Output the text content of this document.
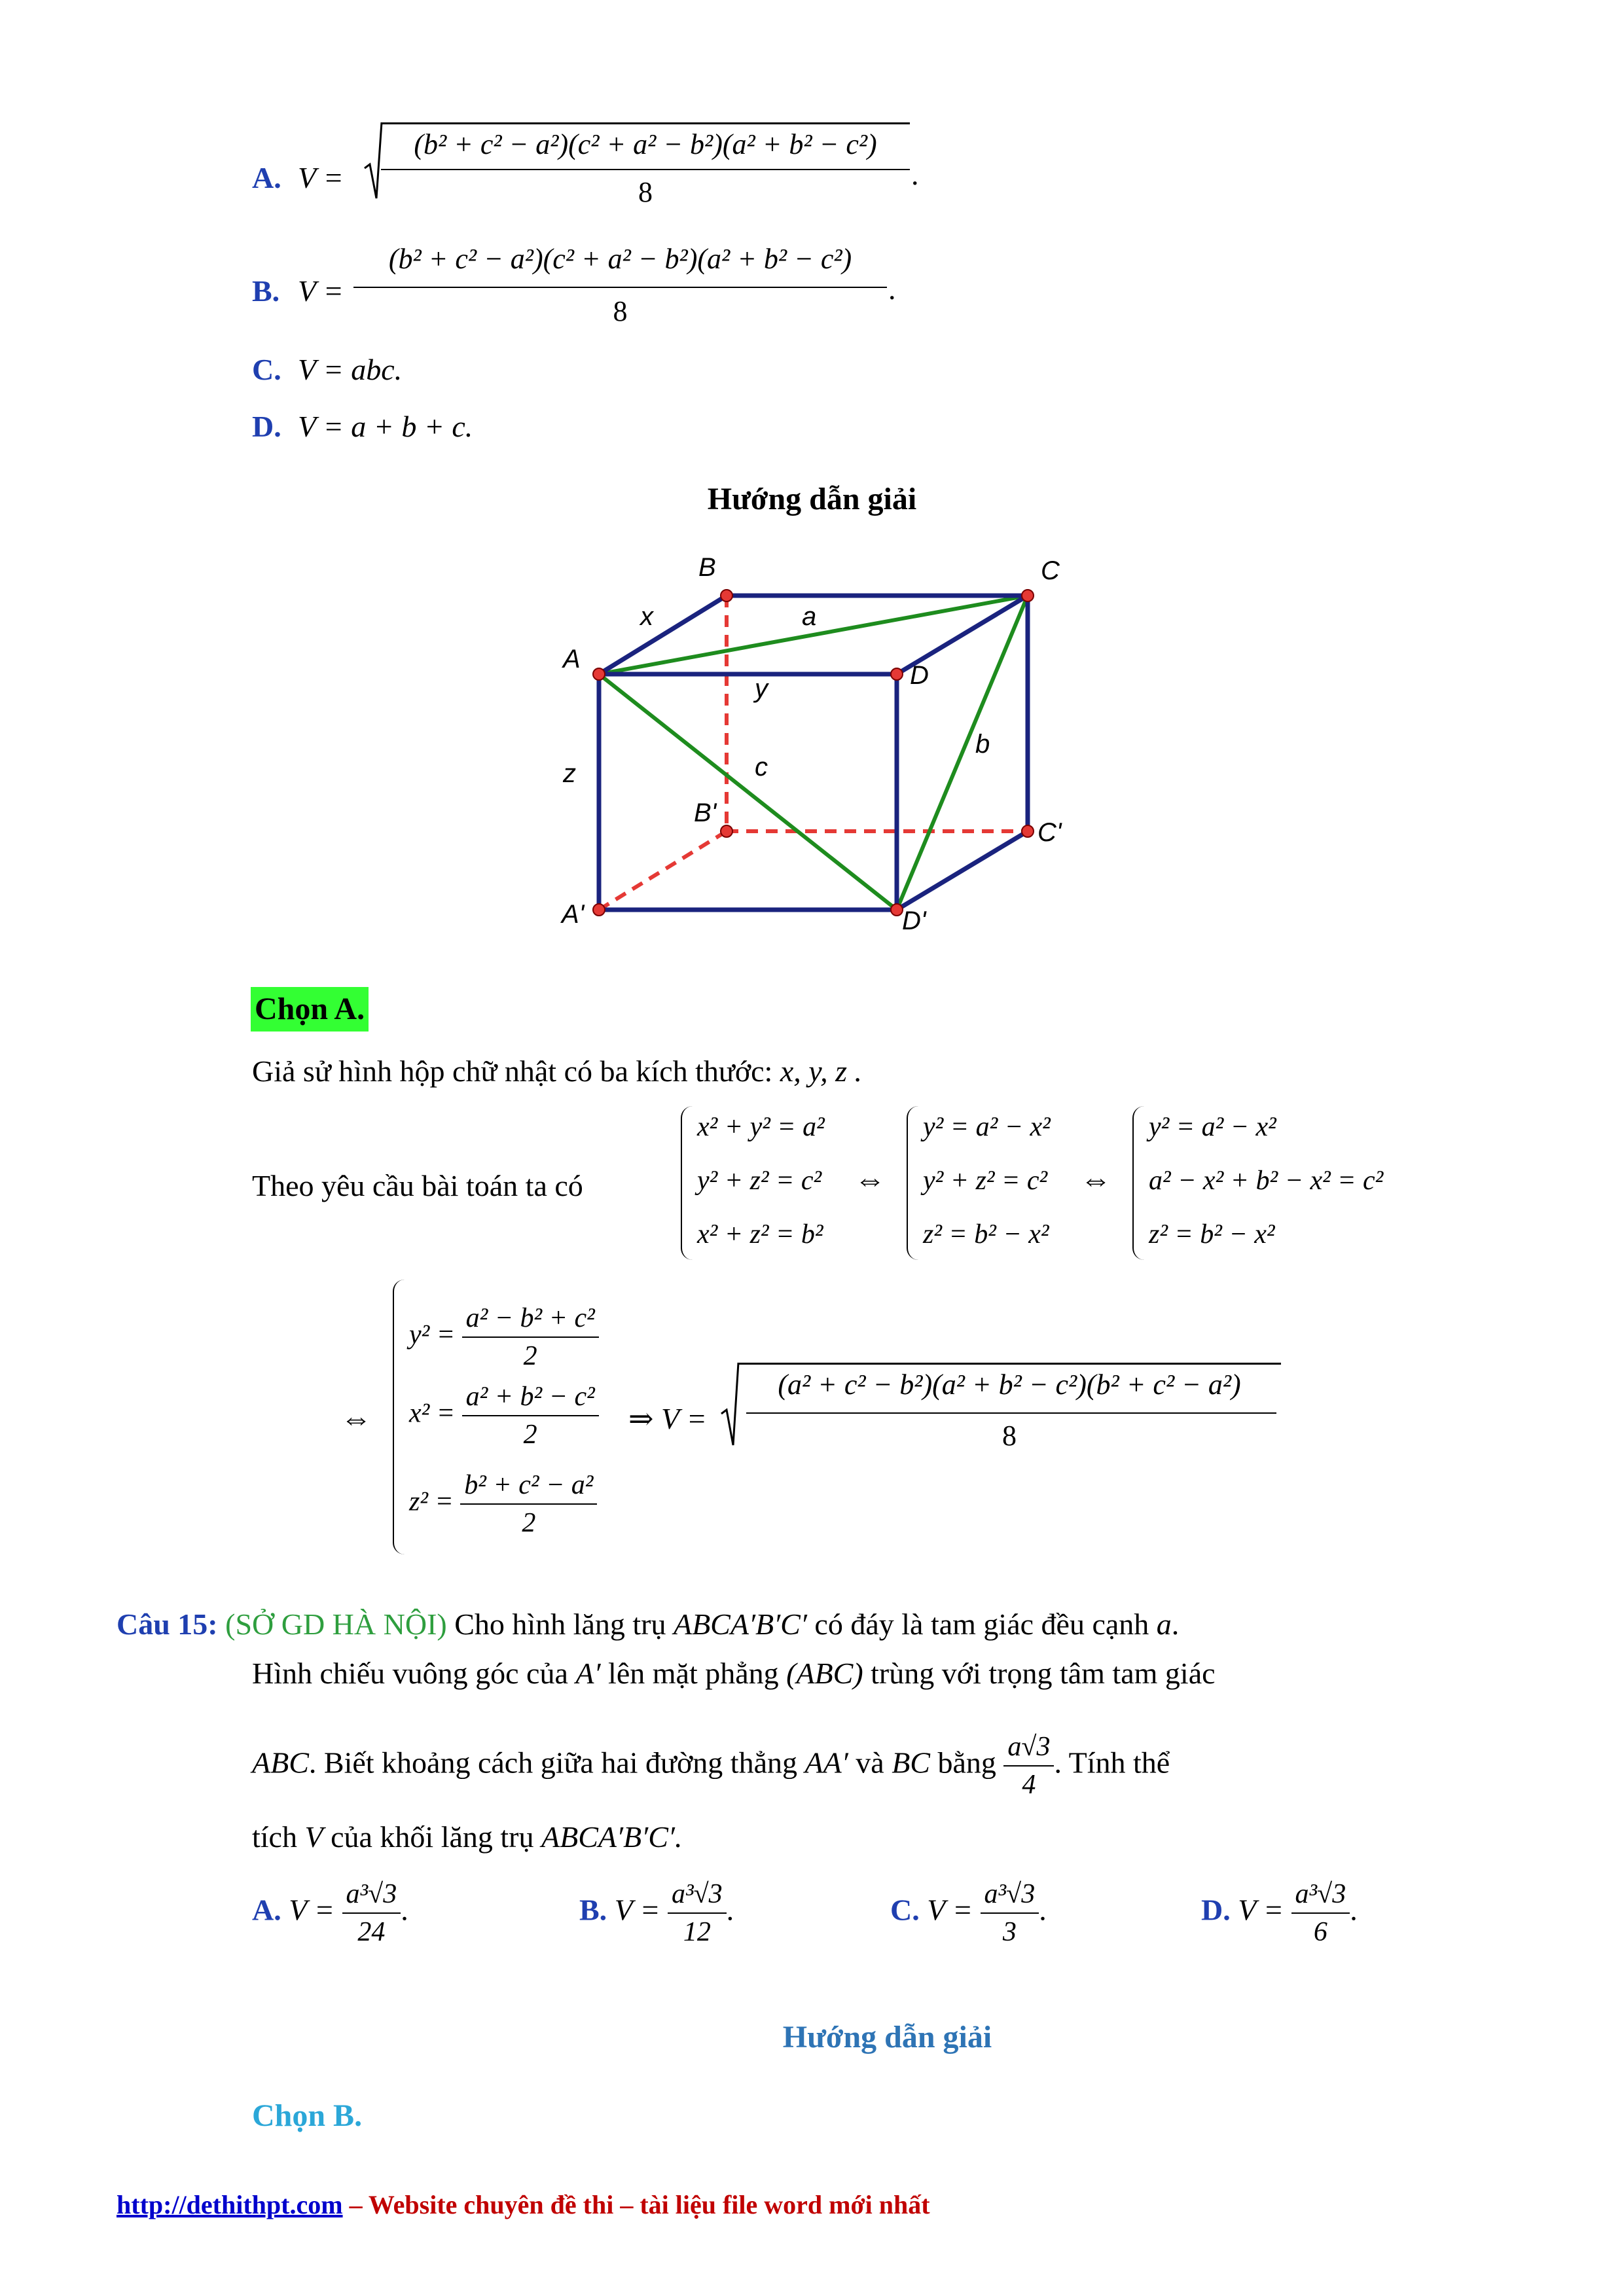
A. V =
(b² + c² − a²)(c² + a² − b²)(a² + b² − c²)
8
.
B. V =
(b² + c² − a²)(c² + a² − b²)(a² + b² − c²)
8
.
C. V = abc.
D. V = a + b + c.
Hướng dẫn giải
B	C
x	a
A
D
y
z	c
b
B'
C'
A'	D'
Chọn A.
Giả sử hình hộp chữ nhật có ba kích thước: x, y, z .
Theo yêu cầu bài toán ta có
x² + y² = a²
y² + z² = c²
x² + z² = b²
⇔
y² = a² − x²
y² + z² = c²
z² = b² − x²
⇔
y² = a² − x²
a² − x² + b² − x² = c²
z² = b² − x²
⇔
$y^2 = \frac{\text{a² − b² + c²}}{2}$
$x^2 = \frac{\text{a² + b² − c²}}{2}$
$z^2 = \frac{\text{b² + c² − a²}}{2}$
⇒ V =
(a² + c² − b²)(a² + b² − c²)(b² + c² − a²)
8
Câu 15: (SỞ GD HÀ NỘI) Cho hình lăng trụ ABCA′B′C′ có đáy là tam giác đều cạnh a.
Hình chiếu vuông góc của A′ lên mặt phẳng (ABC) trùng với trọng tâm tam giác
ABC. Biết khoảng cách giữa hai đường thẳng AA′ và BC bằng $\frac{a√3}{4}$ . Tính thể
tích V của khối lăng trụ ABCA′B′C′.
A. $V = \frac{\text{a³√3}}{24}$ .	B. $V = \frac{\text{a³√3}}{12}$ .	C. $V = \frac{\text{a³√3}}{3}$ .	D. $V = \frac{\text{a³√3}}{6}$ .
Hướng dẫn giải
Chọn B.
http://dethithpt.com – Website chuyên đề thi – tài liệu file word mới nhất
